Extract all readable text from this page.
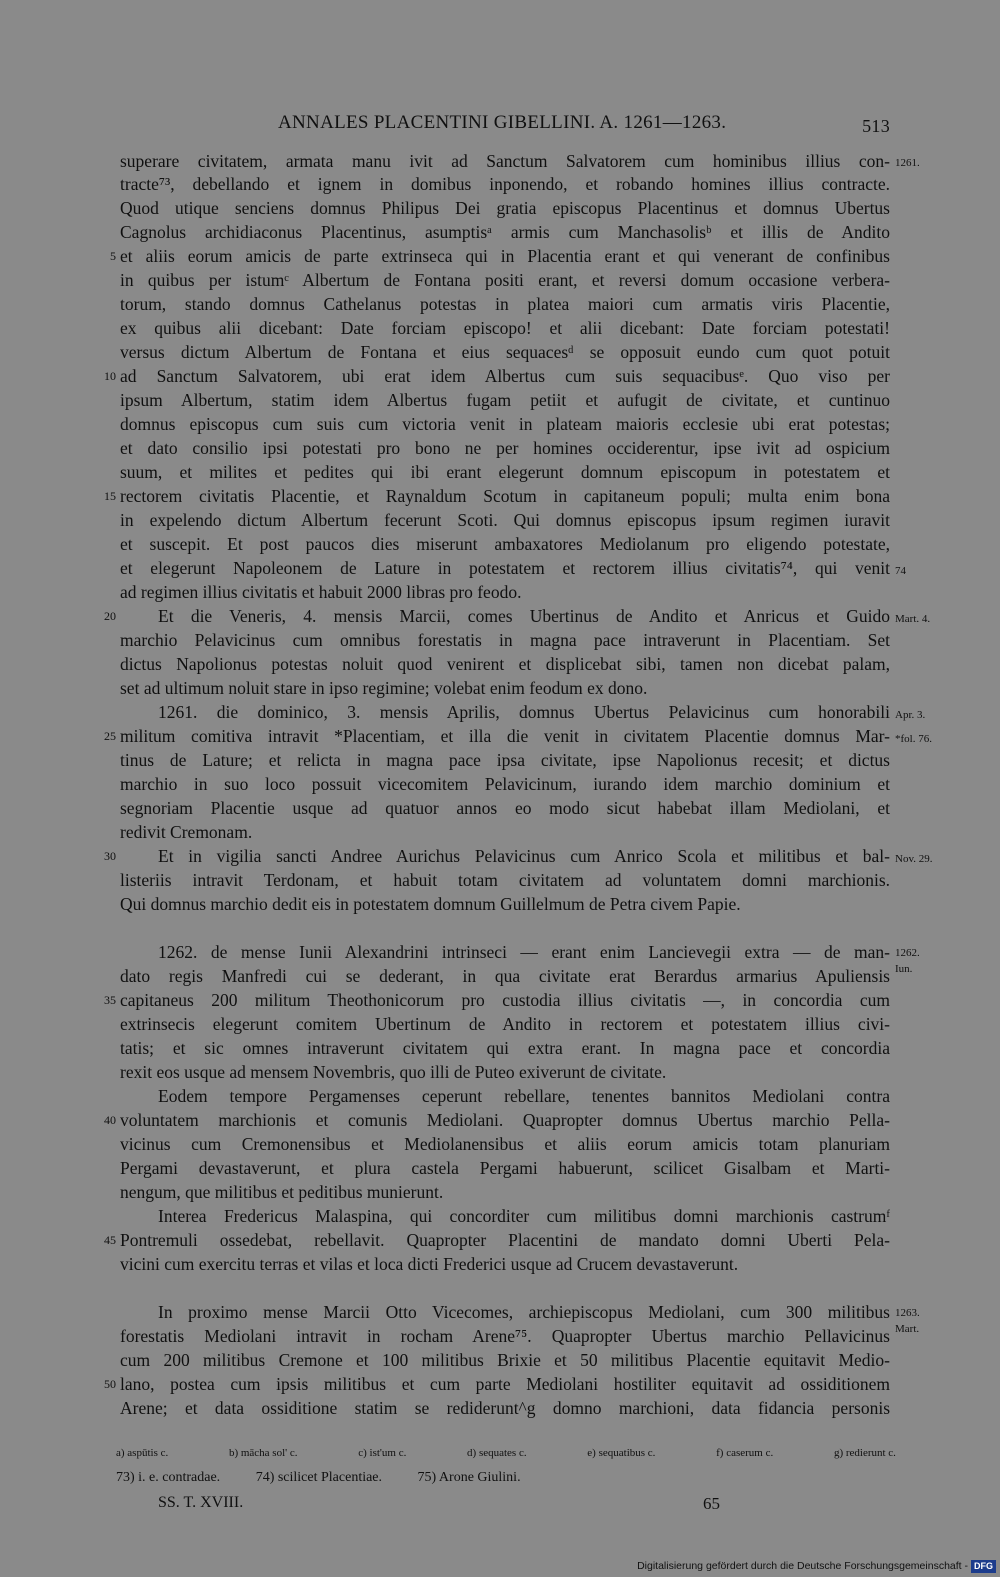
ANNALES PLACENTINI GIBELLINI. A. 1261—1263.	513
superare civitatem, armata manu ivit ad Sanctum Salvatorem cum hominibus illius con-
tracte⁷³, debellando et ignem in domibus inponendo, et robando homines illius contracte.
Quod utique senciens domnus Philipus Dei gratia episcopus Placentinus et domnus Ubertus
Cagnolus archidiaconus Placentinus, asumptisᵃ armis cum Manchasolisᵇ et illis de Andito
et aliis eorum amicis de parte extrinseca qui in Placentia erant et qui venerant de confinibus
in quibus per istumᶜ Albertum de Fontana positi erant, et reversi domum occasione verbera-
torum, stando domnus Cathelanus potestas in platea maiori cum armatis viris Placentie,
ex quibus alii dicebant: Date forciam episcopo! et alii dicebant: Date forciam potestati!
versus dictum Albertum de Fontana et eius sequacesᵈ se opposuit eundo cum quot potuit
ad Sanctum Salvatorem, ubi erat idem Albertus cum suis sequacibusᵉ. Quo viso per
ipsum Albertum, statim idem Albertus fugam petiit et aufugit de civitate, et cuntinuo
domnus episcopus cum suis cum victoria venit in plateam maioris ecclesie ubi erat potestas;
et dato consilio ipsi potestati pro bono ne per homines occiderentur, ipse ivit ad ospicium
suum, et milites et pedites qui ibi erant elegerunt domnum episcopum in potestatem et
rectorem civitatis Placentie, et Raynaldum Scotum in capitaneum populi; multa enim bona
in expelendo dictum Albertum fecerunt Scoti. Qui domnus episcopus ipsum regimen iuravit
et suscepit. Et post paucos dies miserunt ambaxatores Mediolanum pro eligendo potestate,
et elegerunt Napoleonem de Lature in potestatem et rectorem illius civitatis⁷⁴, qui venit
ad regimen illius civitatis et habuit 2000 libras pro feodo.
Et die Veneris, 4. mensis Marcii, comes Ubertinus de Andito et Anricus et Guido
marchio Pelavicinus cum omnibus forestatis in magna pace intraverunt in Placentiam. Set
dictus Napolionus potestas noluit quod venirent et displicebat sibi, tamen non dicebat palam,
set ad ultimum noluit stare in ipso regimine; volebat enim feodum ex dono.
1261. die dominico, 3. mensis Aprilis, domnus Ubertus Pelavicinus cum honorabili
militum comitiva intravit *Placentiam, et illa die venit in civitatem Placentie domnus Mar-
tinus de Lature; et relicta in magna pace ipsa civitate, ipse Napolionus recesit; et dictus
marchio in suo loco possuit vicecomitem Pelavicinum, iurando idem marchio dominium et
segnoriam Placentie usque ad quatuor annos eo modo sicut habebat illam Mediolani, et
redivit Cremonam.
Et in vigilia sancti Andree Aurichus Pelavicinus cum Anrico Scola et militibus et bal-
listeriis intravit Terdonam, et habuit totam civitatem ad voluntatem domni marchionis.
Qui domnus marchio dedit eis in potestatem domnum Guillelmum de Petra civem Papie.
1262. de mense Iunii Alexandrini intrinseci — erant enim Lancievegii extra — de man-
dato regis Manfredi cui se dederant, in qua civitate erat Berardus armarius Apuliensis
capitaneus 200 militum Theothonicorum pro custodia illius civitatis —, in concordia cum
extrinsecis elegerunt comitem Ubertinum de Andito in rectorem et potestatem illius civi-
tatis; et sic omnes intraverunt civitatem qui extra erant. In magna pace et concordia
rexit eos usque ad mensem Novembris, quo illi de Puteo exiverunt de civitate.
Eodem tempore Pergamenses ceperunt rebellare, tenentes bannitos Mediolani contra
voluntatem marchionis et comunis Mediolani. Quapropter domnus Ubertus marchio Pella-
vicinus cum Cremonensibus et Mediolanensibus et aliis eorum amicis totam planuriam
Pergami devastaverunt, et plura castela Pergami habuerunt, scilicet Gisalbam et Marti-
nengum, que militibus et peditibus munierunt.
Interea Fredericus Malaspina, qui concorditer cum militibus domni marchionis castrumᶠ
Pontremuli ossedebat, rebellavit. Quapropter Placentini de mandato domni Uberti Pela-
vicini cum exercitu terras et vilas et loca dicti Frederici usque ad Crucem devastaverunt.
In proximo mense Marcii Otto Vicecomes, archiepiscopus Mediolani, cum 300 militibus
forestatis Mediolani intravit in rocham Arene⁷⁵. Quapropter Ubertus marchio Pellavicinus
cum 200 militibus Cremone et 100 militibus Brixie et 50 militibus Placentie equitavit Medio-
lano, postea cum ipsis militibus et cum parte Mediolani hostiliter equitavit ad ossiditionem
Arene; et data ossiditione statim se rediderunt^g domno marchioni, data fidancia personis
5
10
15
20
25
30
35
40
45
50
1261.
74
Mart. 4.
Apr. 3.
*fol. 76.
Nov. 29.
1262.
Iun.
1263.
Mart.
a) aspūtis c.	b) mācha sol' c.	c) ist'um c.	d) sequates c.	e) sequatibus c.	f) caserum c.	g) redierunt c.
73) i. e. contradae.	74) scilicet Placentiae.	75) Arone Giulini.
SS. T. XVIII.	65
Digitalisierung gefördert durch die Deutsche Forschungsgemeinschaft - DFG
